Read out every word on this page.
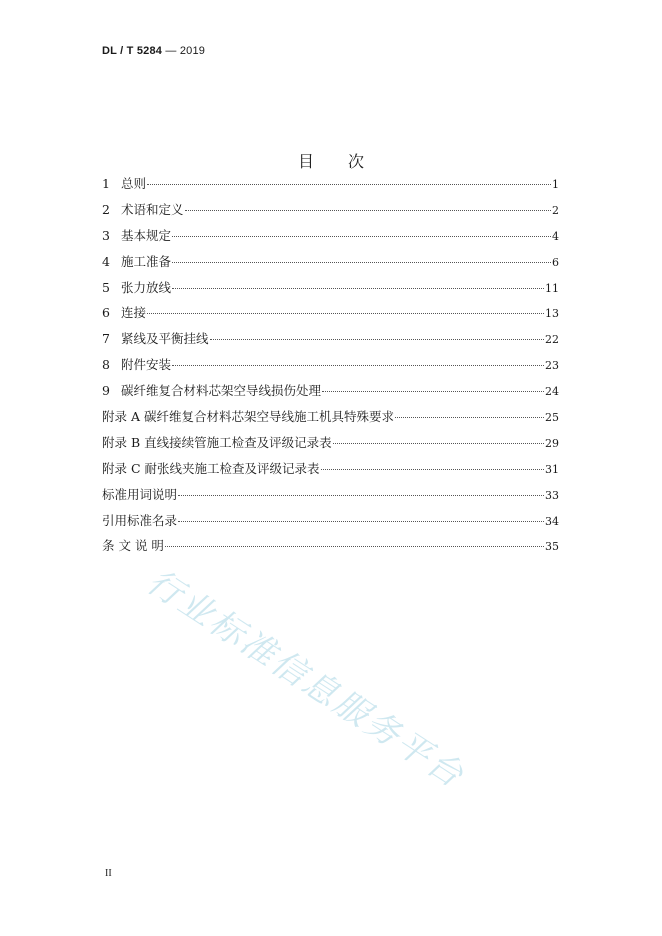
DL / T 5284 — 2019
目 次
1 总则	1
2 术语和定义	2
3 基本规定	4
4 施工准备	6
5 张力放线	11
6 连接	13
7 紧线及平衡挂线	22
8 附件安装	23
9 碳纤维复合材料芯架空导线损伤处理	24
附录 A 碳纤维复合材料芯架空导线施工机具特殊要求	25
附录 B 直线接续管施工检查及评级记录表	29
附录 C 耐张线夹施工检查及评级记录表	31
标准用词说明	33
引用标准名录	34
条 文 说 明	35
行业标准信息服务平台
II
